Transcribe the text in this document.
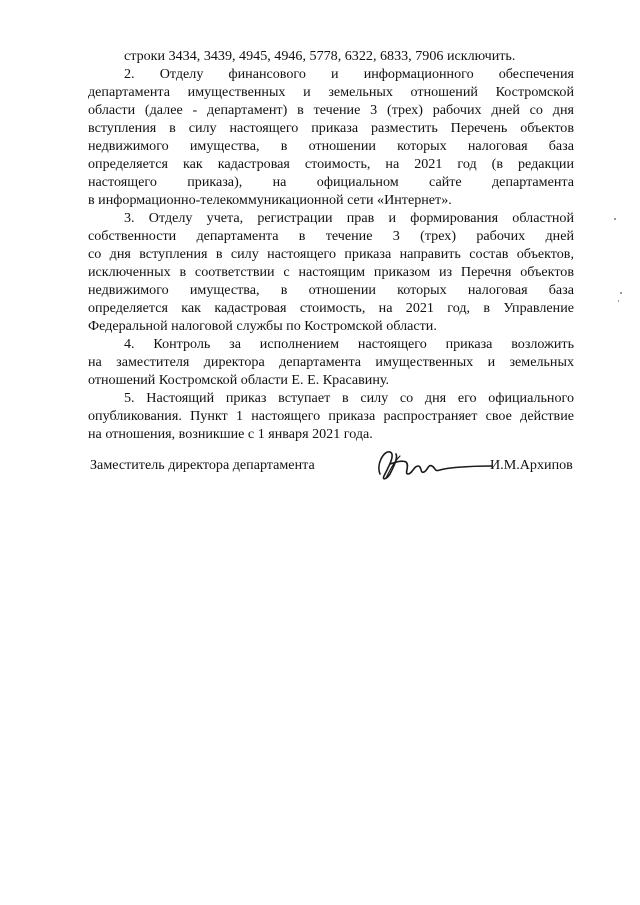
строки 3434, 3439, 4945, 4946, 5778, 6322, 6833, 7906 исключить.
2.   Отделу   финансового   и   информационного   обеспечения
департамента имущественных и земельных отношений Костромской
области (далее - департамент) в течение 3 (трех) рабочих дней со дня
вступления в силу настоящего приказа разместить Перечень объектов
недвижимого имущества, в отношении которых налоговая база
определяется как кадастровая стоимость, на 2021 год (в редакции
настоящего приказа), на официальном сайте департамента
в информационно-телекоммуникационной сети «Интернет».
3. Отделу учета, регистрации прав и формирования областной
собственности департамента в течение 3 (трех) рабочих дней
со дня вступления в силу настоящего приказа направить состав объектов,
исключенных в соответствии с настоящим приказом из Перечня объектов
недвижимого имущества, в отношении которых налоговая база
определяется как кадастровая стоимость, на 2021 год, в Управление
Федеральной налоговой службы по Костромской области.
4. Контроль за исполнением настоящего приказа возложить
на заместителя директора департамента имущественных и земельных
отношений Костромской области Е. Е. Красавину.
5. Настоящий приказ вступает в силу со дня его официального
опубликования. Пункт 1 настоящего приказа распространяет свое действие
на отношения, возникшие с 1 января 2021 года.
Заместитель директора департамента	И.М.Архипов
